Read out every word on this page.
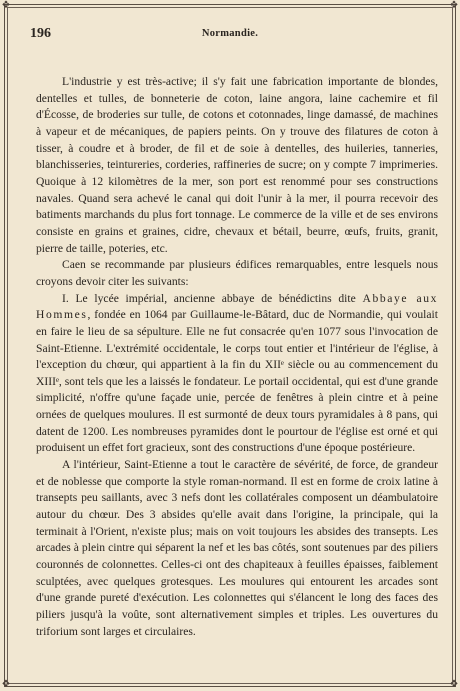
❖	❖
❖	❖
196	Normandie.

L'industrie y est très-active; il s'y fait une fabrication importante de blondes, dentelles et tulles, de bonneterie de coton, laine angora, laine cachemire et fil d'Écosse, de broderies sur tulle, de cotons et cotonnades, linge damassé, de machines à vapeur et de mécaniques, de papiers peints. On y trouve des filatures de coton à tisser, à coudre et à broder, de fil et de soie à dentelles, des huileries, tanneries, blanchisseries, teintureries, corderies, raffineries de sucre; on y compte 7 imprimeries. Quoique à 12 kilomètres de la mer, son port est renommé pour ses constructions navales. Quand sera achevé le canal qui doit l'unir à la mer, il pourra recevoir des batiments marchands du plus fort tonnage. Le commerce de la ville et de ses environs consiste en grains et graines, cidre, chevaux et bétail, beurre, œufs, fruits, granit, pierre de taille, poteries, etc.

Caen se recommande par plusieurs édifices remarquables, entre lesquels nous croyons devoir citer les suivants:

I. Le lycée impérial, ancienne abbaye de bénédictins dite Abbaye aux Hommes, fondée en 1064 par Guillaume-le-Bâtard, duc de Normandie, qui voulait en faire le lieu de sa sépulture. Elle ne fut consacrée qu'en 1077 sous l'invocation de Saint-Etienne. L'extrémité occidentale, le corps tout entier et l'intérieur de l'église, à l'exception du chœur, qui appartient à la fin du XIIᵉ siècle ou au commencement du XIIIᵉ, sont tels que les a laissés le fondateur. Le portail occidental, qui est d'une grande simplicité, n'offre qu'une façade unie, percée de fenêtres à plein cintre et à peine ornées de quelques moulures. Il est surmonté de deux tours pyramidales à 8 pans, qui datent de 1200. Les nombreuses pyramides dont le pourtour de l'église est orné et qui produisent un effet fort gracieux, sont des constructions d'une époque postérieure.

A l'intérieur, Saint-Etienne a tout le caractère de sévérité, de force, de grandeur et de noblesse que comporte la style roman-normand. Il est en forme de croix latine à transepts peu saillants, avec 3 nefs dont les collatérales composent un déambulatoire autour du chœur. Des 3 absides qu'elle avait dans l'origine, la principale, qui la terminait à l'Orient, n'existe plus; mais on voit toujours les absides des transepts. Les arcades à plein cintre qui séparent la nef et les bas côtés, sont soutenues par des piliers couronnés de colonnettes. Celles-ci ont des chapiteaux à feuilles épaisses, faiblement sculptées, avec quelques grotesques. Les moulures qui entourent les arcades sont d'une grande pureté d'exécution. Les colonnettes qui s'élancent le long des faces des piliers jusqu'à la voûte, sont alternativement simples et triples. Les ouvertures du triforium sont larges et circulaires.
